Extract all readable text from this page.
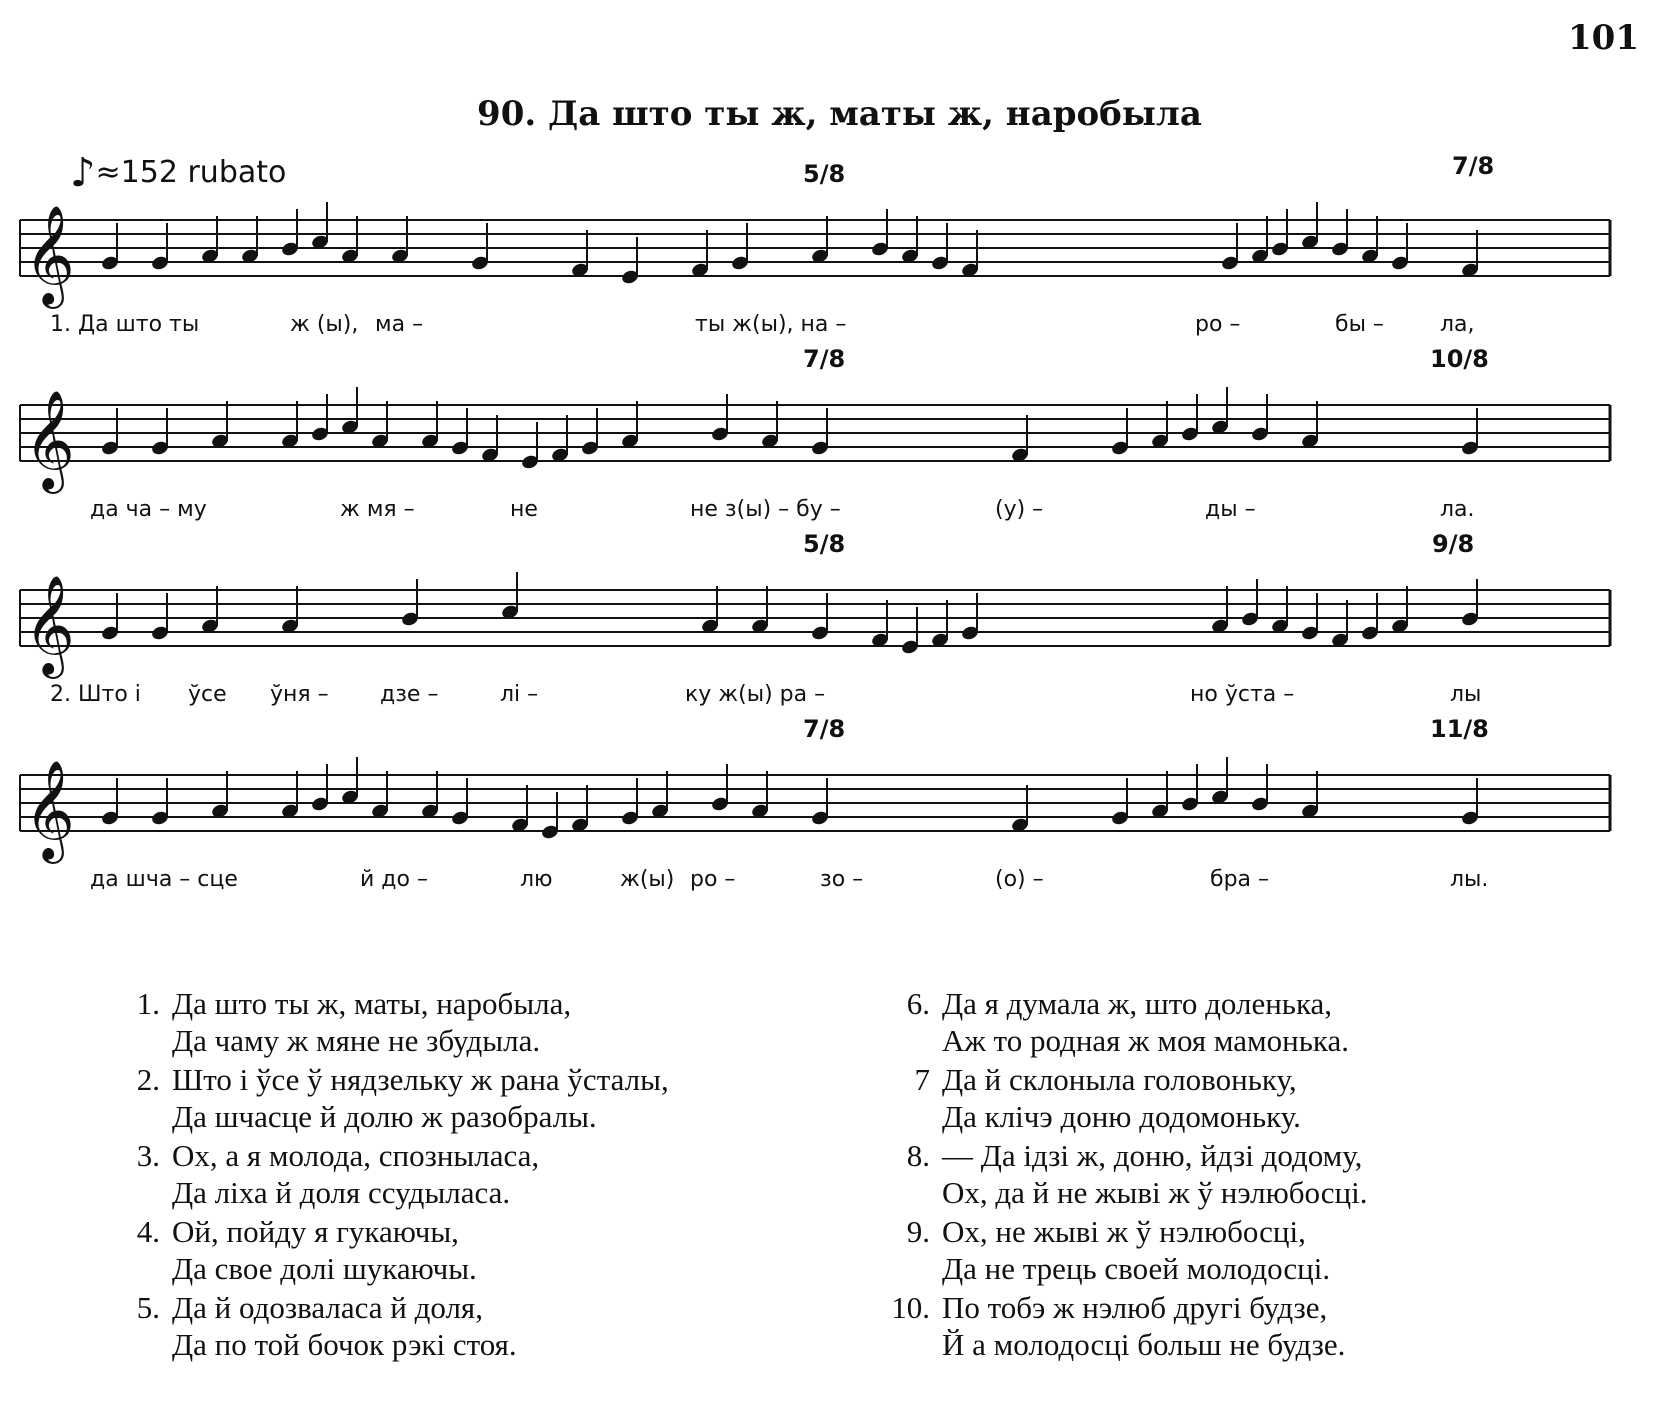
101
90. Да што ты ж, маты ж, наробыла
♪≈152 rubato
𝄞
5/8	7/8
1. Да што ты	ж (ы), ма –	ты ж(ы), на –	ро –	бы –	ла,
𝄞
7/8	10/8
да ча – му	ж мя –	не	не з(ы) – бу –	(у) –	ды –	ла.
𝄞
5/8	9/8
2. Што і ўсе ўня – дзе –	лі –	ку ж(ы) ра –	но ўста –	лы
𝄞
7/8	11/8
да шча – сце	й до –	лю	ж(ы) ро –	зо –	(о) –	бра –	лы.
1. Да што ты ж, маты, наробыла,
Да чаму ж мяне не збудыла.
2. Што і ўсе ў нядзельку ж рана ўсталы,
Да шчасце й долю ж разобралы.
3. Ох, а я молода, спозныласа,
Да ліха й доля ссудыласа.
4. Ой, пойду я гукаючы,
Да свое долі шукаючы.
5. Да й одозваласа й доля,
Да по той бочок рэкі стоя.
6. Да я думала ж, што доленька,
Аж то родная ж моя мамонька.
7 Да й склоныла головоньку,
Да клічэ доню додомоньку.
8. — Да ідзі ж, доню, йдзі додому,
Ох, да й не жыві ж ў нэлюбосці.
9. Ох, не жыві ж ў нэлюбосці,
Да не трець своей молодосці.
10. По тобэ ж нэлюб другі будзе,
Й а молодосці больш не будзе.
